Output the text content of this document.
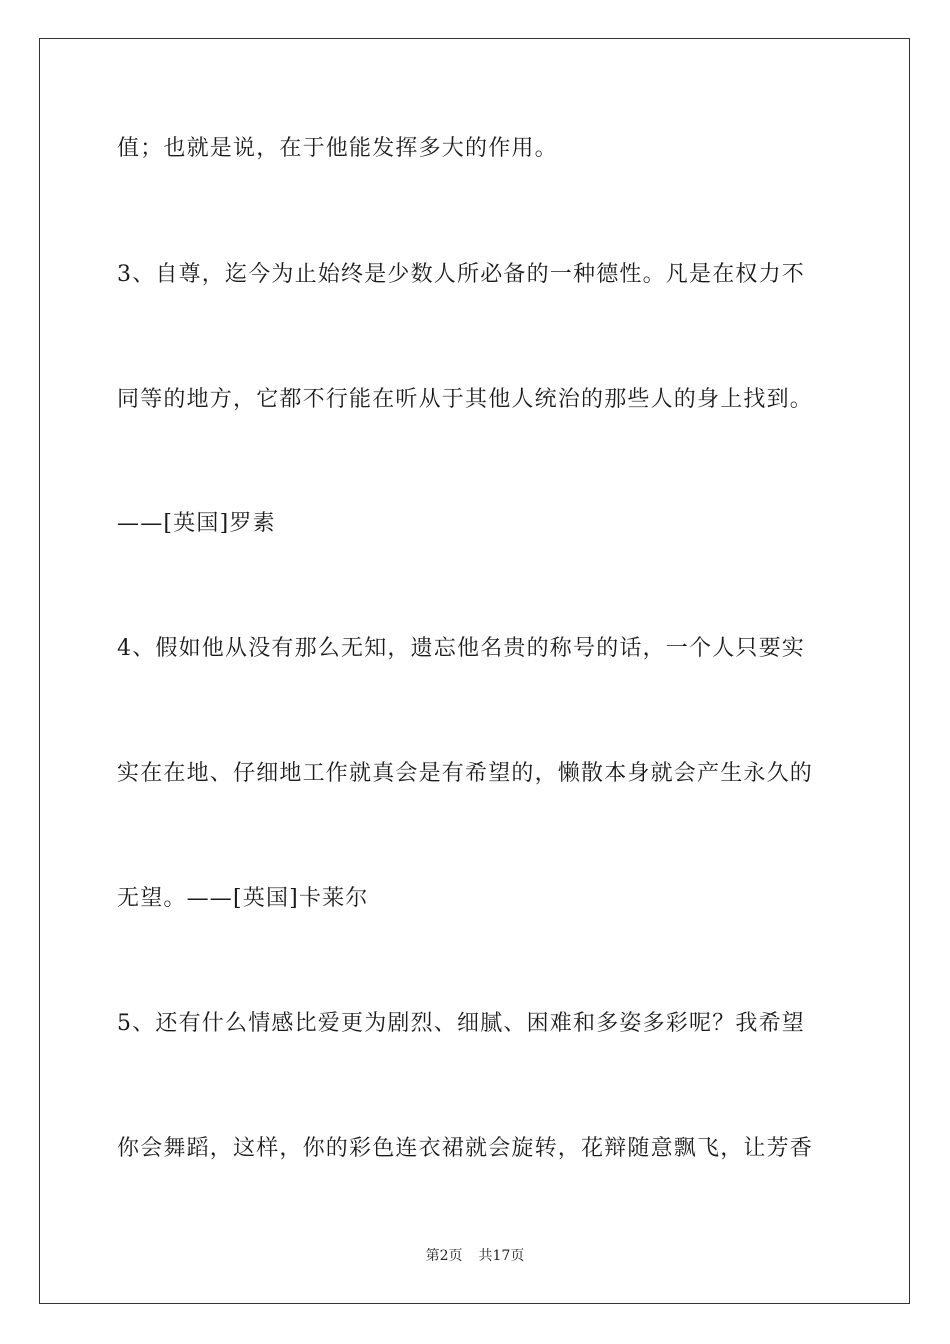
值；也就是说，在于他能发挥多大的作用。
3、自尊，迄今为止始终是少数人所必备的一种德性。凡是在权力不
同等的地方，它都不行能在听从于其他人统治的那些人的身上找到。
——[英国]罗素
4、假如他从没有那么无知，遗忘他名贵的称号的话，一个人只要实
实在在地、仔细地工作就真会是有希望的，懒散本身就会产生永久的
无望。——[英国]卡莱尔
5、还有什么情感比爱更为剧烈、细腻、困难和多姿多彩呢？我希望
你会舞蹈，这样，你的彩色连衣裙就会旋转，花辩随意飘飞，让芳香
第2页 共17页
